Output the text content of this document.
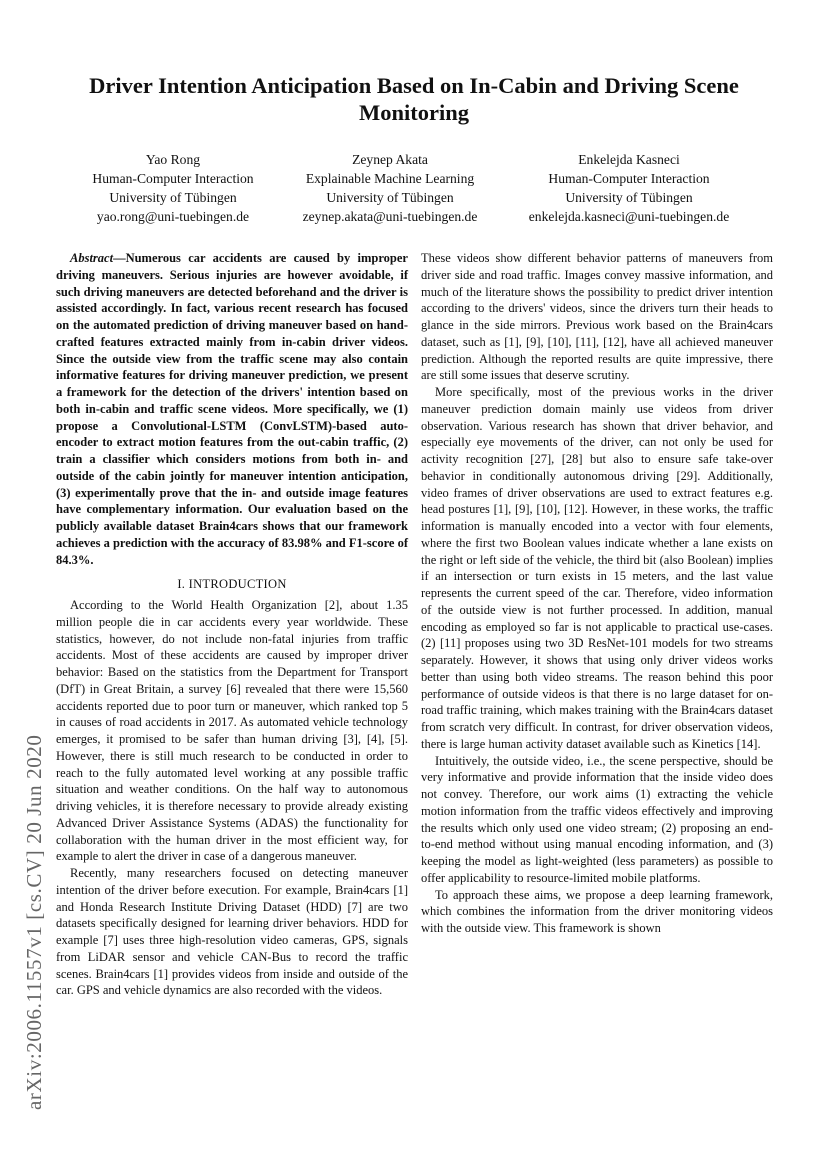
arXiv:2006.11557v1 [cs.CV] 20 Jun 2020
Driver Intention Anticipation Based on In-Cabin and Driving Scene Monitoring
Yao Rong
Human-Computer Interaction
University of Tübingen
yao.rong@uni-tuebingen.de
Zeynep Akata
Explainable Machine Learning
University of Tübingen
zeynep.akata@uni-tuebingen.de
Enkelejda Kasneci
Human-Computer Interaction
University of Tübingen
enkelejda.kasneci@uni-tuebingen.de

Abstract—Numerous car accidents are caused by improper driving maneuvers. Serious injuries are however avoidable, if such driving maneuvers are detected beforehand and the driver is assisted accordingly. In fact, various recent research has focused on the automated prediction of driving maneuver based on hand-crafted features extracted mainly from in-cabin driver videos. Since the outside view from the traffic scene may also contain informative features for driving maneuver prediction, we present a framework for the detection of the drivers' intention based on both in-cabin and traffic scene videos. More specifically, we (1) propose a Convolutional-LSTM (ConvLSTM)-based auto-encoder to extract motion features from the out-cabin traffic, (2) train a classifier which considers motions from both in- and outside of the cabin jointly for maneuver intention anticipation, (3) experimentally prove that the in- and outside image features have complementary information. Our evaluation based on the publicly available dataset Brain4cars shows that our framework achieves a prediction with the accuracy of 83.98% and F1-score of 84.3%.

I. INTRODUCTION

According to the World Health Organization [2], about 1.35 million people die in car accidents every year worldwide. These statistics, however, do not include non-fatal injuries from traffic accidents. Most of these accidents are caused by improper driver behavior: Based on the statistics from the Department for Transport (DfT) in Great Britain, a survey [6] revealed that there were 15,560 accidents reported due to poor turn or maneuver, which ranked top 5 in causes of road accidents in 2017. As automated vehicle technology emerges, it promised to be safer than human driving [3], [4], [5]. However, there is still much research to be conducted in order to reach to the fully automated level working at any possible traffic situation and weather conditions. On the half way to autonomous driving vehicles, it is therefore necessary to provide already existing Advanced Driver Assistance Systems (ADAS) the functionality for collaboration with the human driver in the most efficient way, for example to alert the driver in case of a dangerous maneuver.

Recently, many researchers focused on detecting maneuver intention of the driver before execution. For example, Brain4cars [1] and Honda Research Institute Driving Dataset (HDD) [7] are two datasets specifically designed for learning driver behaviors. HDD for example [7] uses three high-resolution video cameras, GPS, signals from LiDAR sensor and vehicle CAN-Bus to record the traffic scenes. Brain4cars [1] provides videos from inside and outside of the car. GPS and vehicle dynamics are also recorded with the videos.

These videos show different behavior patterns of maneuvers from driver side and road traffic. Images convey massive information, and much of the literature shows the possibility to predict driver intention according to the drivers' videos, since the drivers turn their heads to glance in the side mirrors. Previous work based on the Brain4cars dataset, such as [1], [9], [10], [11], [12], have all achieved maneuver prediction. Although the reported results are quite impressive, there are still some issues that deserve scrutiny.

More specifically, most of the previous works in the driver maneuver prediction domain mainly use videos from driver observation. Various research has shown that driver behavior, and especially eye movements of the driver, can not only be used for activity recognition [27], [28] but also to ensure safe take-over behavior in conditionally autonomous driving [29]. Additionally, video frames of driver observations are used to extract features e.g. head postures [1], [9], [10], [12]. However, in these works, the traffic information is manually encoded into a vector with four elements, where the first two Boolean values indicate whether a lane exists on the right or left side of the vehicle, the third bit (also Boolean) implies if an intersection or turn exists in 15 meters, and the last value represents the current speed of the car. Therefore, video information of the outside view is not further processed. In addition, manual encoding as employed so far is not applicable to practical use-cases. (2) [11] proposes using two 3D ResNet-101 models for two streams separately. However, it shows that using only driver videos works better than using both video streams. The reason behind this poor performance of outside videos is that there is no large dataset for on-road traffic training, which makes training with the Brain4cars dataset from scratch very difficult. In contrast, for driver observation videos, there is large human activity dataset available such as Kinetics [14].

Intuitively, the outside video, i.e., the scene perspective, should be very informative and provide information that the inside video does not convey. Therefore, our work aims (1) extracting the vehicle motion information from the traffic videos effectively and improving the results which only used one video stream; (2) proposing an end-to-end method without using manual encoding information, and (3) keeping the model as light-weighted (less parameters) as possible to offer applicability to resource-limited mobile platforms.

To approach these aims, we propose a deep learning framework, which combines the information from the driver monitoring videos with the outside view. This framework is shown
